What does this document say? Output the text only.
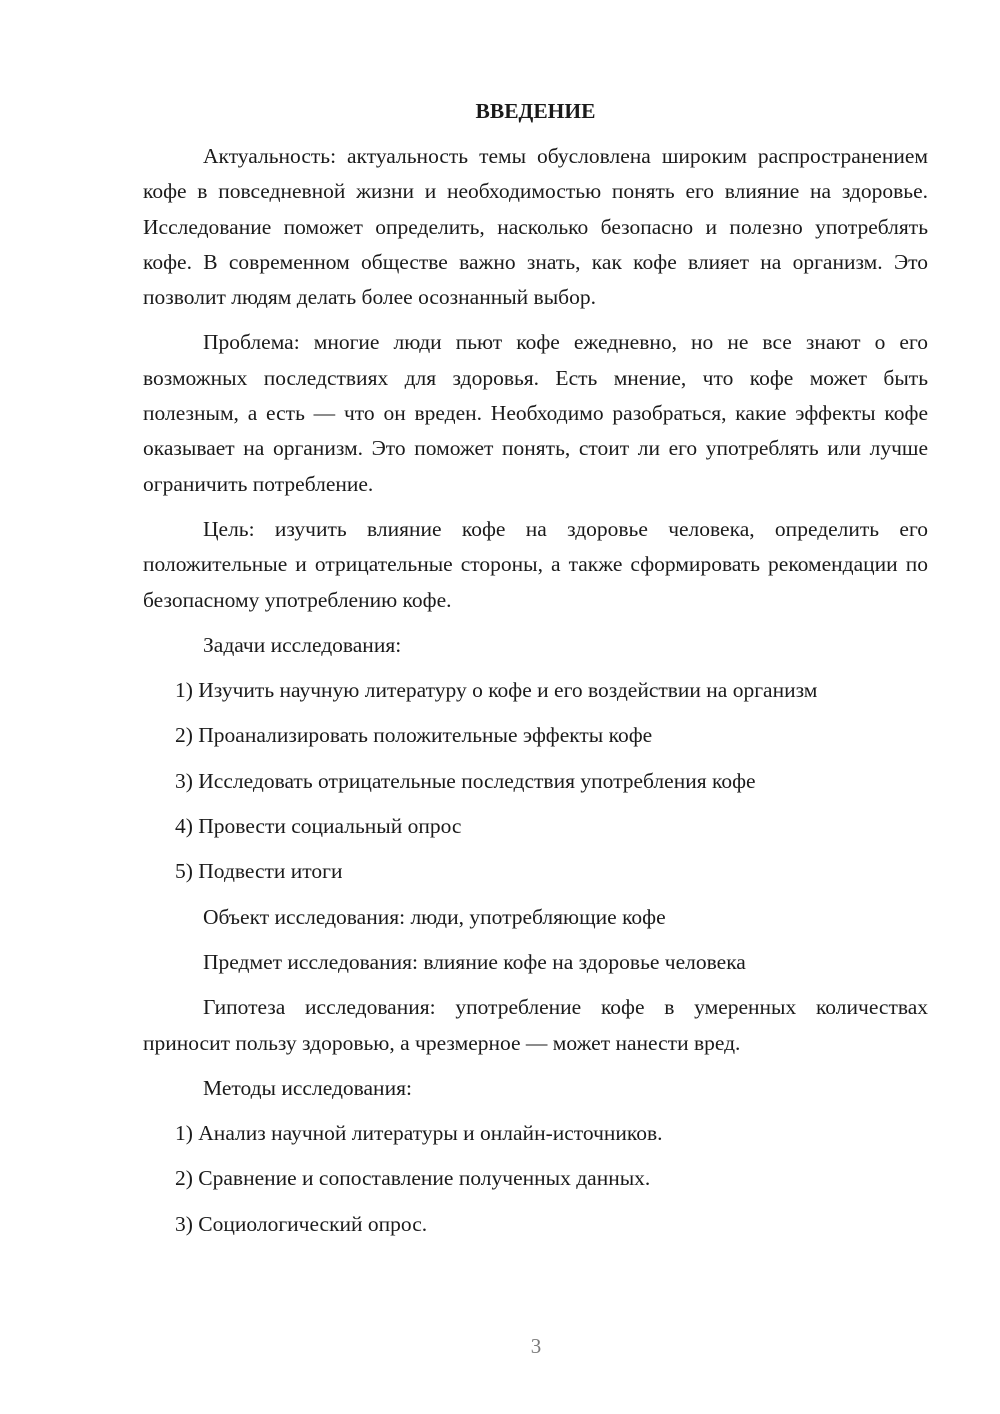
ВВЕДЕНИЕ

Актуальность: актуальность темы обусловлена широким распространением кофе в повседневной жизни и необходимостью понять его влияние на здоровье. Исследование поможет определить, насколько безопасно и полезно употреблять кофе. В современном обществе важно знать, как кофе влияет на организм. Это позволит людям делать более осознанный выбор.

Проблема: многие люди пьют кофе ежедневно, но не все знают о его возможных последствиях для здоровья. Есть мнение, что кофе может быть полезным, а есть — что он вреден. Необходимо разобраться, какие эффекты кофе оказывает на организм. Это поможет понять, стоит ли его употреблять или лучше ограничить потребление.

Цель: изучить влияние кофе на здоровье человека, определить его положительные и отрицательные стороны, а также сформировать рекомендации по безопасному употреблению кофе.

Задачи исследования:
1) Изучить научную литературу о кофе и его воздействии на организм
2) Проанализировать положительные эффекты кофе
3) Исследовать отрицательные последствия употребления кофе
4) Провести социальный опрос
5) Подвести итоги
Объект исследования: люди, употребляющие кофе
Предмет исследования: влияние кофе на здоровье человека

Гипотеза исследования: употребление кофе в умеренных количествах приносит пользу здоровью, а чрезмерное — может нанести вред.

Методы исследования:
1) Анализ научной литературы и онлайн-источников.
2) Сравнение и сопоставление полученных данных.
3) Социологический опрос.
3
